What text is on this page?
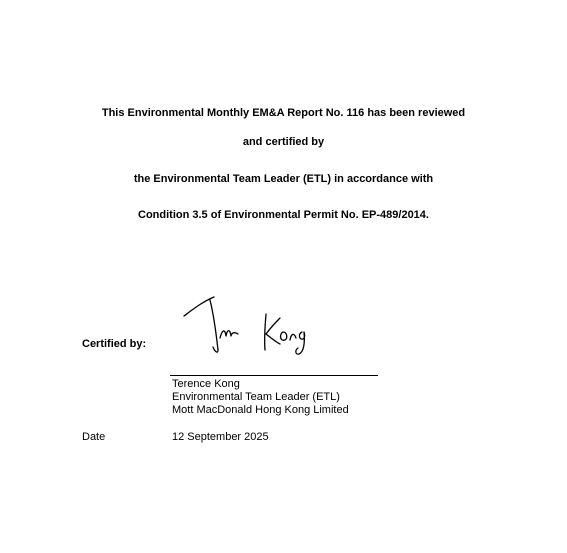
This Environmental Monthly EM&A Report No. 116 has been reviewed
and certified by
the Environmental Team Leader (ETL) in accordance with
Condition 3.5 of Environmental Permit No. EP-489/2014.
Certified by:
Terence Kong
Environmental Team Leader (ETL)
Mott MacDonald Hong Kong Limited
Date	12 September 2025
